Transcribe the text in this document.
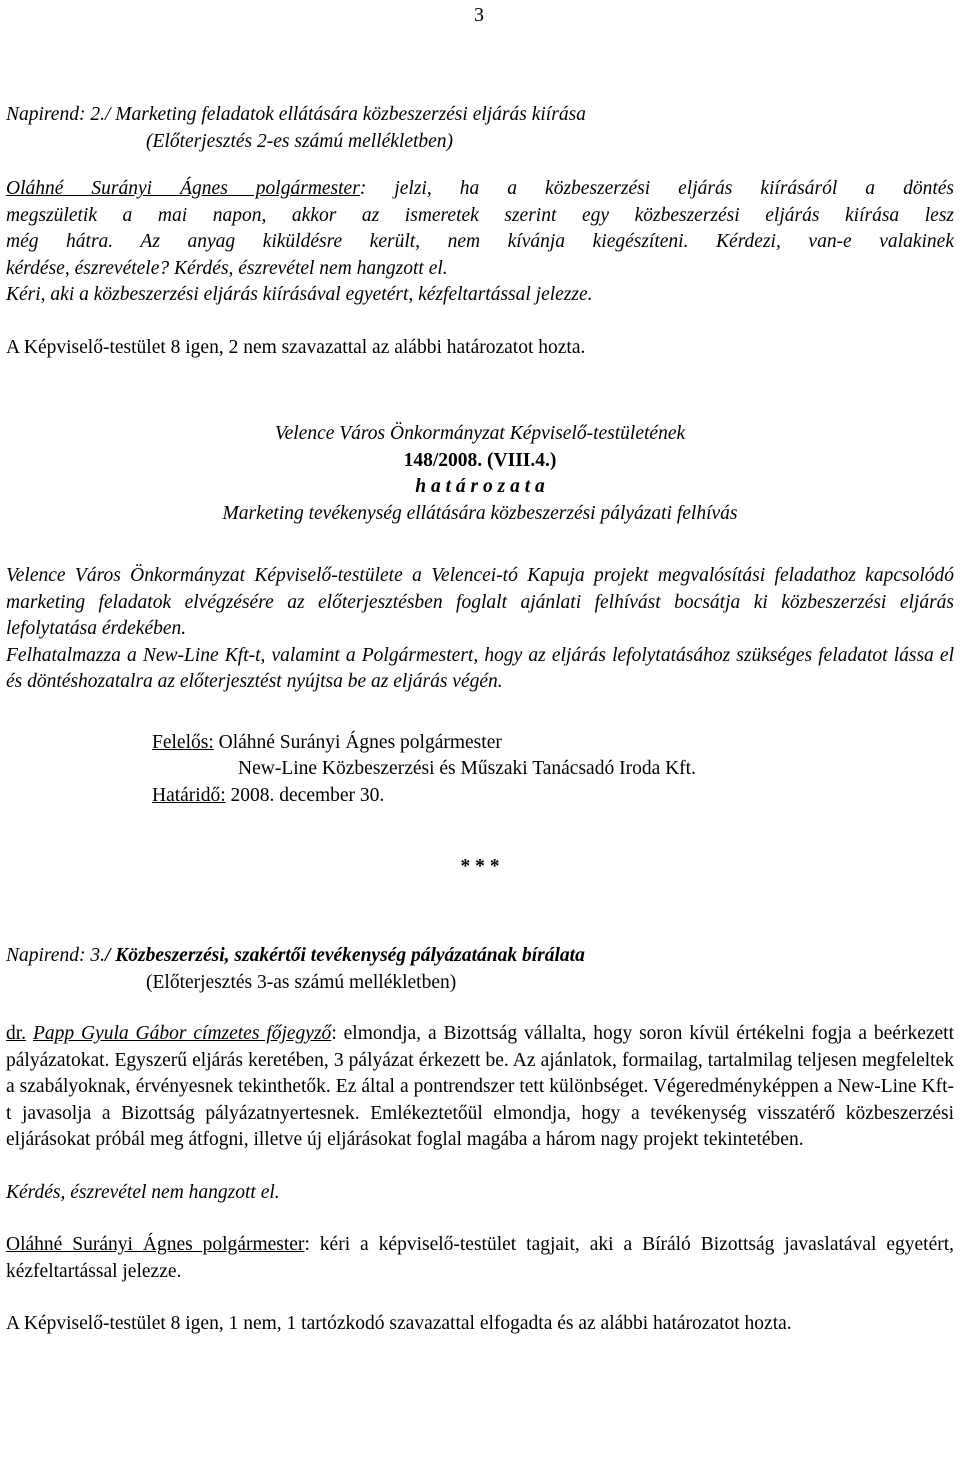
3

Napirend: 2./ Marketing feladatok ellátására közbeszerzési eljárás kiírása

(Előterjesztés 2-es számú mellékletben)

Oláhné Surányi Ágnes polgármester: jelzi, ha a közbeszerzési eljárás kiírásáról a döntés

megszületik a mai napon, akkor az ismeretek szerint egy közbeszerzési eljárás kiírása lesz

még hátra. Az anyag kiküldésre került, nem kívánja kiegészíteni. Kérdezi, van-e valakinek

kérdése, észrevétele? Kérdés, észrevétel nem hangzott el.

Kéri, aki a közbeszerzési eljárás kiírásával egyetért, kézfeltartással jelezze.

A Képviselő-testület 8 igen, 2 nem szavazattal az alábbi határozatot hozta.

Velence Város Önkormányzat Képviselő-testületének

148/2008. (VIII.4.)

h a t á r o z a t a

Marketing tevékenység ellátására közbeszerzési pályázati felhívás

Velence Város Önkormányzat Képviselő-testülete a Velencei-tó Kapuja projekt megvalósítási feladathoz kapcsolódó marketing feladatok elvégzésére az előterjesztésben foglalt ajánlati felhívást bocsátja ki közbeszerzési eljárás lefolytatása érdekében.

Felhatalmazza a New-Line Kft-t, valamint a Polgármestert, hogy az eljárás lefolytatásához szükséges feladatot lássa el és döntéshozatalra az előterjesztést nyújtsa be az eljárás végén.

Felelős: Oláhné Surányi Ágnes polgármester

New-Line Közbeszerzési és Műszaki Tanácsadó Iroda Kft.

Határidő: 2008. december 30.

* * *

Napirend: 3./ Közbeszerzési, szakértői tevékenység pályázatának bírálata

(Előterjesztés 3-as számú mellékletben)

dr. Papp Gyula Gábor címzetes főjegyző: elmondja, a Bizottság vállalta, hogy soron kívül értékelni fogja a beérkezett pályázatokat. Egyszerű eljárás keretében, 3 pályázat érkezett be. Az ajánlatok, formailag, tartalmilag teljesen megfeleltek a szabályoknak, érvényesnek tekinthetők. Ez által a pontrendszer tett különbséget. Végeredményképpen a New-Line Kft-t javasolja a Bizottság pályázatnyertesnek. Emlékeztetőül elmondja, hogy a tevékenység visszatérő közbeszerzési eljárásokat próbál meg átfogni, illetve új eljárásokat foglal magába a három nagy projekt tekintetében.

Kérdés, észrevétel nem hangzott el.

Oláhné Surányi Ágnes polgármester: kéri a képviselő-testület tagjait, aki a Bíráló Bizottság javaslatával egyetért, kézfeltartással jelezze.

A Képviselő-testület 8 igen, 1 nem, 1 tartózkodó szavazattal elfogadta és az alábbi határozatot hozta.
